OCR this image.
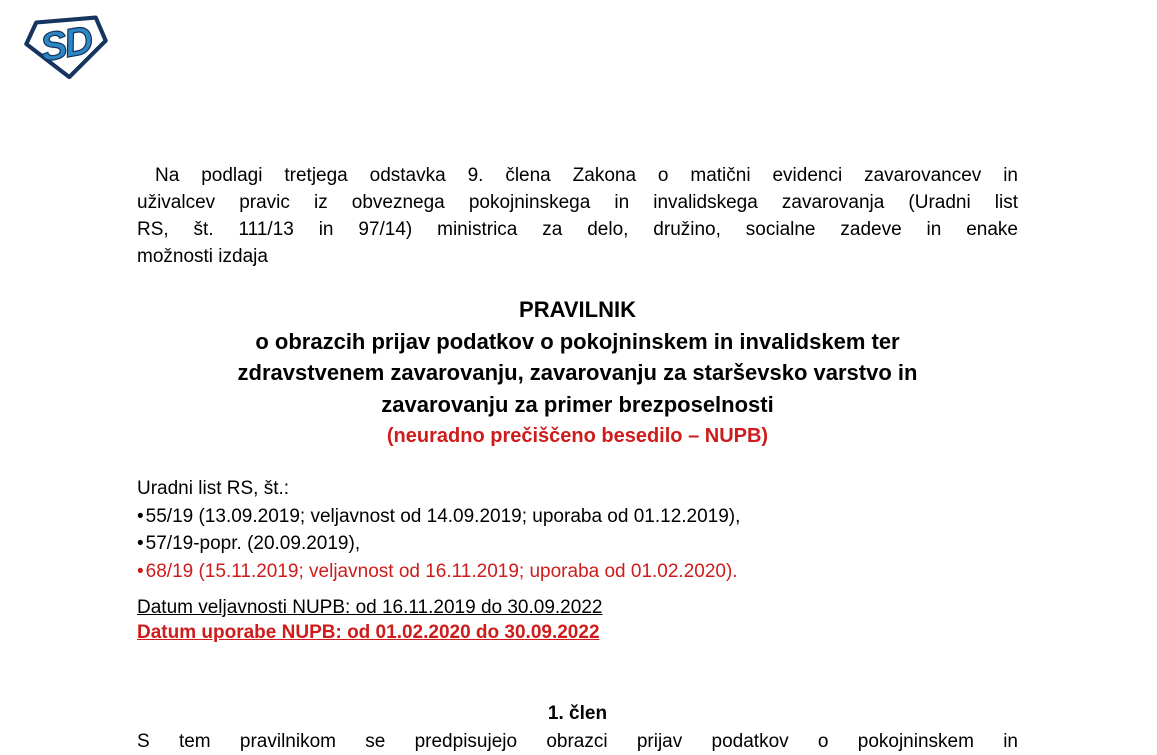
SD
Na podlagi tretjega odstavka 9. člena Zakona o matični evidenci zavarovancev in
uživalcev pravic iz obveznega pokojninskega in invalidskega zavarovanja (Uradni list
RS, št. 111/13 in 97/14) ministrica za delo, družino, socialne zadeve in enake
možnosti izdaja
PRAVILNIK
o obrazcih prijav podatkov o pokojninskem in invalidskem ter
zdravstvenem zavarovanju, zavarovanju za starševsko varstvo in
zavarovanju za primer brezposelnosti
(neuradno prečiščeno besedilo – NUPB)
Uradni list RS, št.:
• 55/19 (13.09.2019; veljavnost od 14.09.2019; uporaba od 01.12.2019),
• 57/19-popr. (20.09.2019),
• 68/19 (15.11.2019; veljavnost od 16.11.2019; uporaba od 01.02.2020).
Datum veljavnosti NUPB: od 16.11.2019 do 30.09.2022
Datum uporabe NUPB: od 01.02.2020 do 30.09.2022
1. člen

S tem pravilnikom se predpisujejo obrazci prijav podatkov o pokojninskem in
